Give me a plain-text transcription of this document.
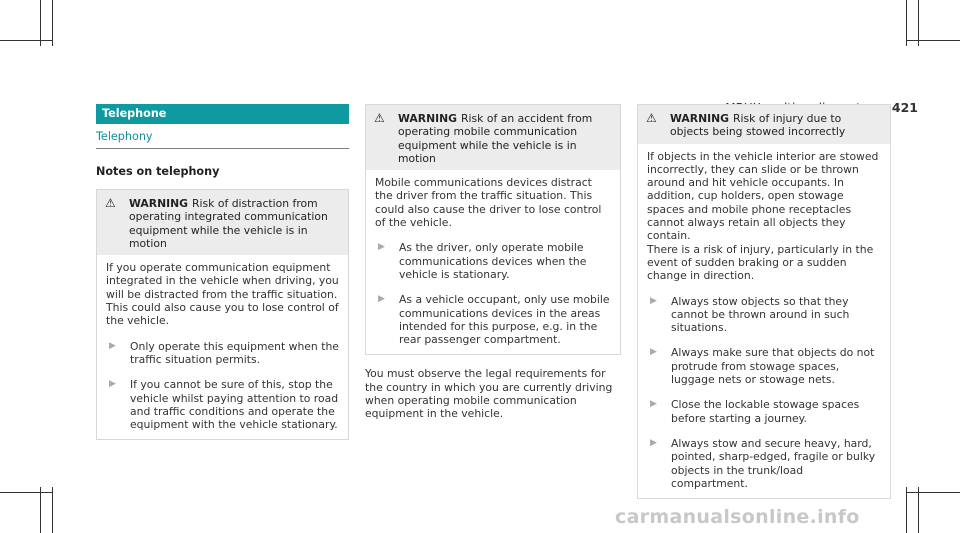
421
Telephone
Telephony
Notes on telephony
⚠	WARNING Risk of distraction from operating integrated communication equipment while the vehicle is in motion

If you operate communication equipment integrated in the vehicle when driving, you will be distracted from the traffic situation. This could also cause you to lose control of the vehicle.

▶	Only operate this equipment when the traffic situation permits.
▶	If you cannot be sure of this, stop the vehicle whilst paying attention to road and traffic conditions and operate the equipment with the vehicle stationary.
⚠	WARNING Risk of an accident from operating mobile communication equipment while the vehicle is in motion

Mobile communications devices distract the driver from the traffic situation. This could also cause the driver to lose control of the vehicle.

▶	As the driver, only operate mobile communications devices when the vehicle is stationary.
▶	As a vehicle occupant, only use mobile communications devices in the areas intended for this purpose, e.g. in the rear passenger compartment.
You must observe the legal requirements for the country in which you are currently driving when operating mobile communication equipment in the vehicle.
⚠	WARNING Risk of injury due to objects being stowed incorrectly

If objects in the vehicle interior are stowed incorrectly, they can slide or be thrown around and hit vehicle occupants. In addition, cup holders, open stowage spaces and mobile phone receptacles cannot always retain all objects they contain.

There is a risk of injury, particularly in the event of sudden braking or a sudden change in direction.

▶	Always stow objects so that they cannot be thrown around in such situations.
▶	Always make sure that objects do not protrude from stowage spaces, luggage nets or stowage nets.
▶	Close the lockable stowage spaces before starting a journey.
▶	Always stow and secure heavy, hard, pointed, sharp-edged, fragile or bulky objects in the trunk/load compartment.
carmanualsonline.info
